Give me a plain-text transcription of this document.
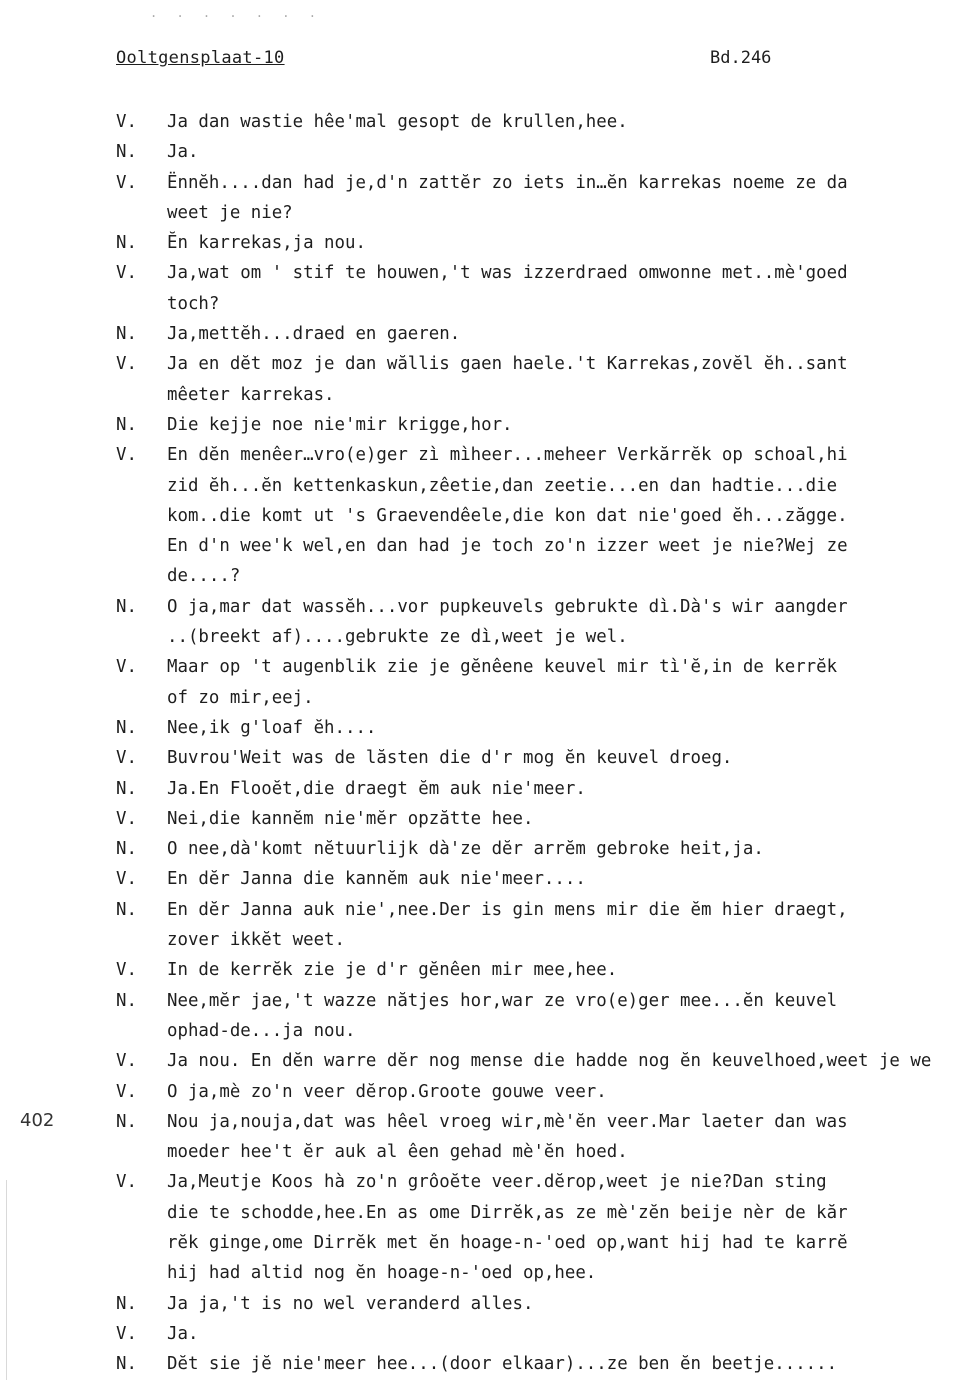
. . . . . . .
Ooltgensplaat-10	Bd.246
402
V.	Ja dan wastie hêe'mal gesopt de krullen,hee.
N.	Ja.
V.	Ënnĕh....dan had je,d'n zattĕr zo iets in…ĕn karrekas noeme ze da
weet je nie?
N.	Ĕn karrekas,ja nou.
V.	Ja,wat om ' stif te houwen,'t was izzerdraed omwonne met..mè'goed
toch?
N.	Ja,mettĕh...draed en gaeren.
V.	Ja en dĕt moz je dan wăllis gaen haele.'t Karrekas,zovĕl ĕh..sant
mêeter karrekas.
N.	Die kejje noe nie'mir krigge,hor.
V.	En dĕn menêer…vro(e)ger zì mìheer...meheer Verkărrĕk op schoal,hi
zid ĕh...ĕn kettenkaskun,zêetie,dan zeetie...en dan hadtie...die
kom..die komt ut 's Graevendêele,die kon dat nie'goed ĕh...zăgge.
En d'n wee'k wel,en dan had je toch zo'n izzer weet je nie?Wej ze
de....?
N.	O ja,mar dat wassĕh...vor pupkeuvels gebrukte dì.Dà's wir aangder
..(breekt af)....gebrukte ze dì,weet je wel.
V.	Maar op 't augenblik zie je gĕnêene keuvel mir tì'ĕ,in de kerrĕk
of zo mir,eej.
N.	Nee,ik g'loaf ĕh....
V.	Buvrou'Weit was de lăsten die d'r mog ĕn keuvel droeg.
N.	Ja.En Flooĕt,die draegt ĕm auk nie'meer.
V.	Nei,die kannĕm nie'mĕr opzătte hee.
N.	O nee,dà'komt nĕtuurlijk dà'ze dĕr arrĕm gebroke heit,ja.
V.	En dĕr Janna die kannĕm auk nie'meer....
N.	En dĕr Janna auk nie',nee.Der is gin mens mir die ĕm hier draegt,
zover ikkĕt weet.
V.	In de kerrĕk zie je d'r gĕnêen mir mee,hee.
N.	Nee,mĕr jae,'t wazze nătjes hor,war ze vro(e)ger mee...ĕn keuvel
ophad-de...ja nou.
V.	Ja nou. En dĕn warre dĕr nog mense die hadde nog ĕn keuvelhoed,weet je we
V.	O ja,mè zo'n veer dĕrop.Groote gouwe veer.
N.	Nou ja,nouja,dat was hêel vroeg wir,mè'ĕn veer.Mar laeter dan was
moeder hee't ĕr auk al êen gehad mè'ĕn hoed.
V.	Ja,Meutje Koos hà zo'n grôoĕte veer.dĕrop,weet je nie?Dan sting
die te schodde,hee.En as ome Dirrĕk,as ze mè'zĕn beije nèr de kăr
rĕk ginge,ome Dirrĕk met ĕn hoage-n-'oed op,want hij had te karrĕ
hij had altid nog ĕn hoage-n-'oed op,hee.
N.	Ja ja,'t is no wel veranderd alles.
V.	Ja.
N.	Dĕt sie jĕ nie'meer hee...(door elkaar)...ze ben ĕn beetje......
